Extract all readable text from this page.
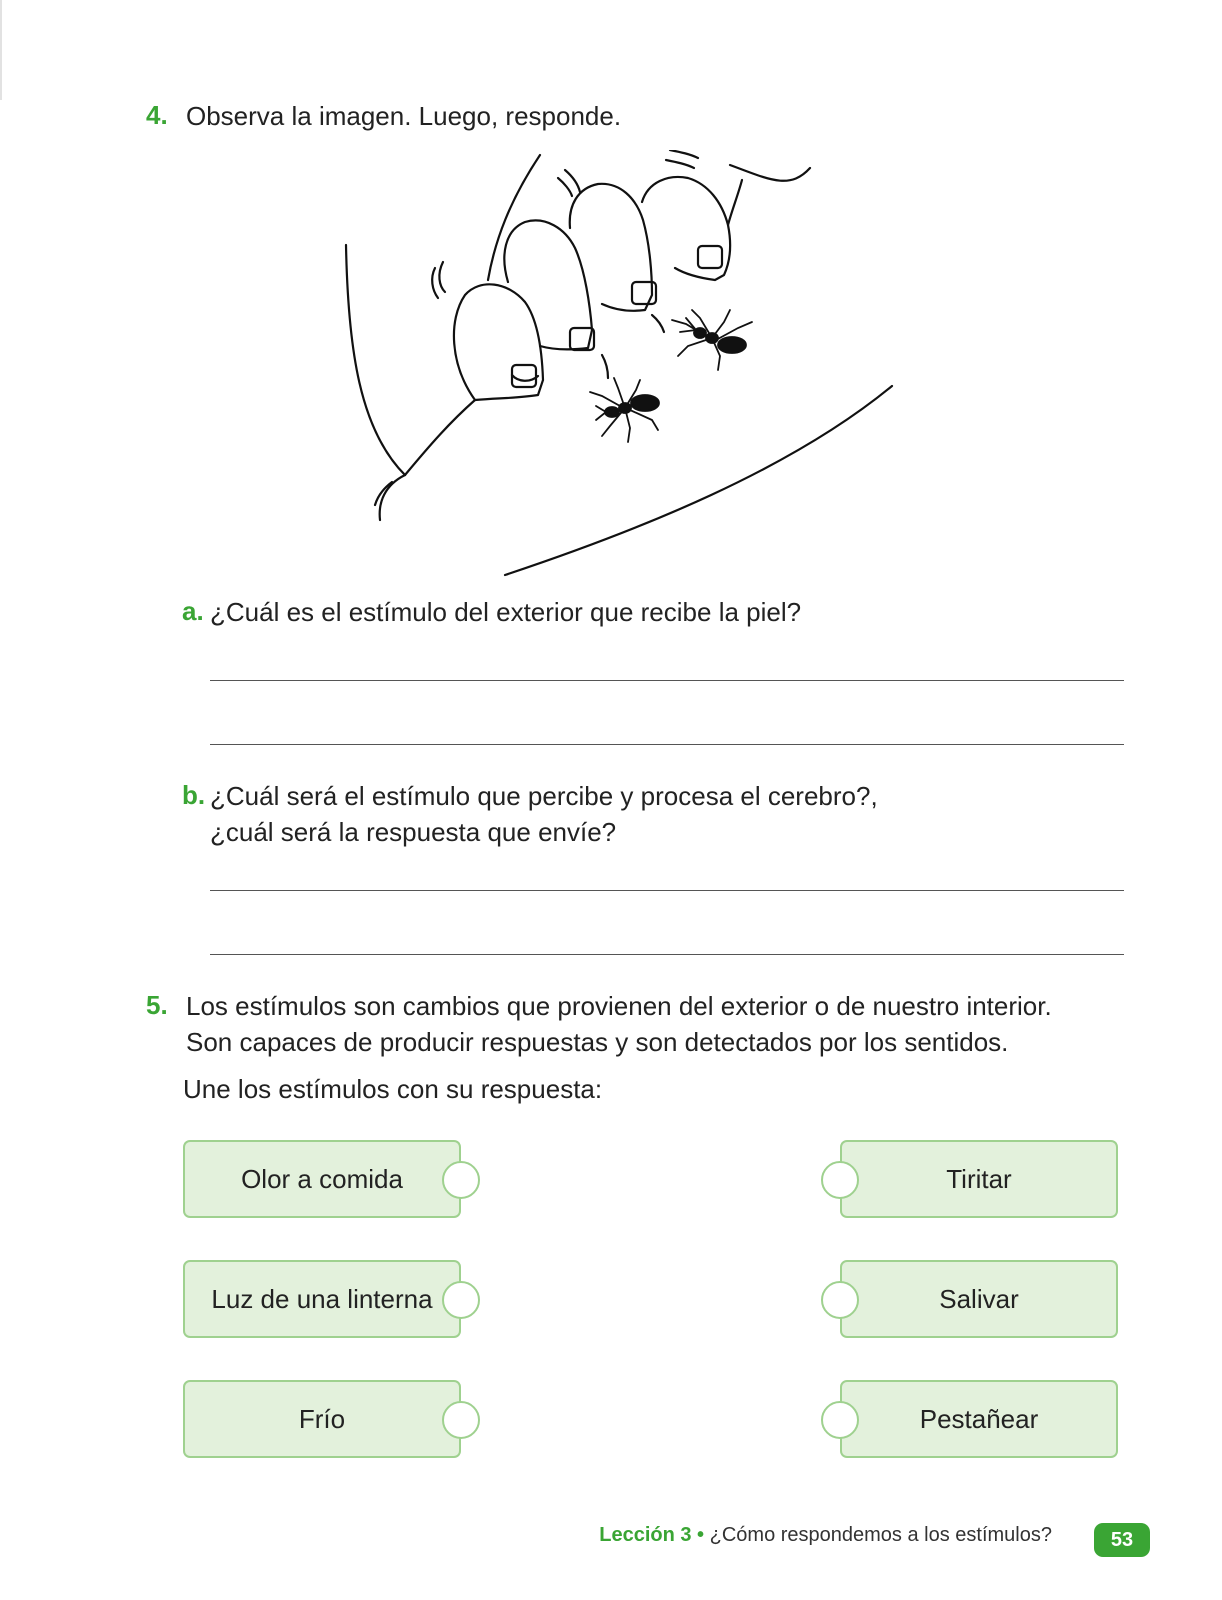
4. Observa la imagen. Luego, responde.
a. ¿Cuál es el estímulo del exterior que recibe la piel?
b. ¿Cuál será el estímulo que percibe y procesa el cerebro?,
¿cuál será la respuesta que envíe?
5. Los estímulos son cambios que provienen del exterior o de nuestro interior.
Son capaces de producir respuestas y son detectados por los sentidos.
Une los estímulos con su respuesta:
Olor a comida
Luz de una linterna
Frío
Tiritar
Salivar
Pestañear
Lección 3 • ¿Cómo respondemos a los estímulos?	53
